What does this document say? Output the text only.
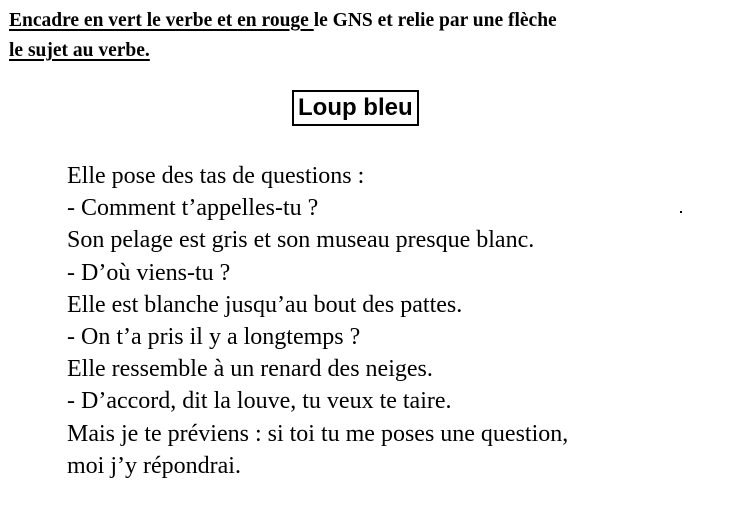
Encadre en vert le verbe et en rouge le GNS et relie par une flèche
le sujet au verbe.
Loup bleu
Elle pose des tas de questions :
- Comment t’appelles-tu ?
Son pelage est gris et son museau presque blanc.
- D’où viens-tu ?
Elle est blanche jusqu’au bout des pattes.
- On t’a pris il y a longtemps ?
Elle ressemble à un renard des neiges.
- D’accord, dit la louve, tu veux te taire.
Mais je te préviens : si toi tu me poses une question,
moi j’y répondrai.
